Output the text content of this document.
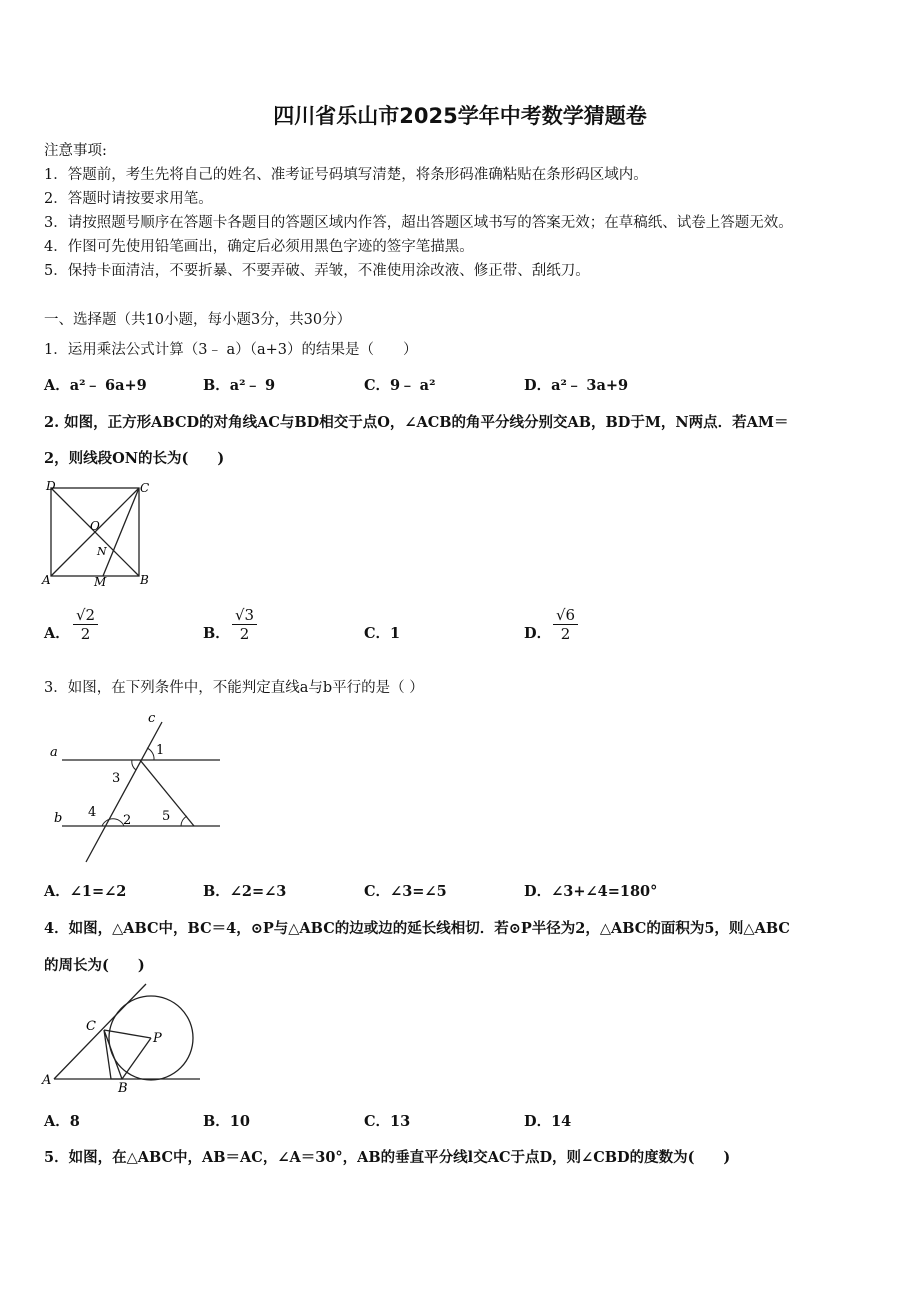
四川省乐山市2025学年中考数学猜题卷
注意事项:
1．答题前，考生先将自己的姓名、准考证号码填写清楚，将条形码准确粘贴在条形码区域内。
2．答题时请按要求用笔。
3．请按照题号顺序在答题卡各题目的答题区域内作答，超出答题区域书写的答案无效；在草稿纸、试卷上答题无效。
4．作图可先使用铅笔画出，确定后必须用黑色字迹的签字笔描黑。
5．保持卡面清洁，不要折暴、不要弄破、弄皱，不准使用涂改液、修正带、刮纸刀。
一、选择题（共10小题，每小题3分，共30分）
1．运用乘法公式计算（3﹣ a）（a+3）的结果是（　　）
A．a²﹣ 6a+9	B．a²﹣ 9	C．9﹣ a²	D．a²﹣ 3a+9
2. 如图，正方形ABCD的对角线AC与BD相交于点O，∠ACB的角平分线分别交AB，BD于M，N两点．若AM＝
2，则线段ON的长为(　　)
D	C
O
N
A	M	B
A． $\frac{√2}{2}$	B． $\frac{√3}{2}$	C．1	D． $\frac{√6}{2}$
3．如图，在下列条件中，不能判定直线a与b平行的是（ ）
c
a	1
3
b 4
2 5
A．∠1=∠2	B．∠2=∠3	C．∠3=∠5	D．∠3+∠4=180°
4．如图，△ABC中，BC＝4，⊙P与△ABC的边或边的延长线相切．若⊙P半径为2，△ABC的面积为5，则△ABC
的周长为(　　)
C
P
A
B
A．8	B．10	C．13	D．14
5．如图，在△ABC中，AB＝AC，∠A＝30°，AB的垂直平分线l交AC于点D，则∠CBD的度数为(　　)
